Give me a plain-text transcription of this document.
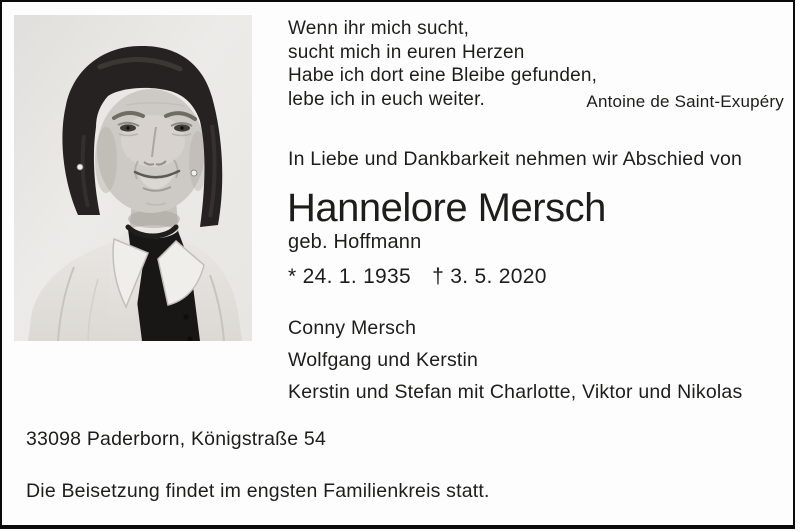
Wenn ihr mich sucht,
sucht mich in euren Herzen
Habe ich dort eine Bleibe gefunden,
lebe ich in euch weiter.	Antoine de Saint-Exupéry
In Liebe und Dankbarkeit nehmen wir Abschied von
Hannelore Mersch
geb. Hoffmann
* 24. 1. 1935 † 3. 5. 2020
Conny Mersch
Wolfgang und Kerstin
Kerstin und Stefan mit Charlotte, Viktor und Nikolas
33098 Paderborn, Königstraße 54
Die Beisetzung findet im engsten Familienkreis statt.
